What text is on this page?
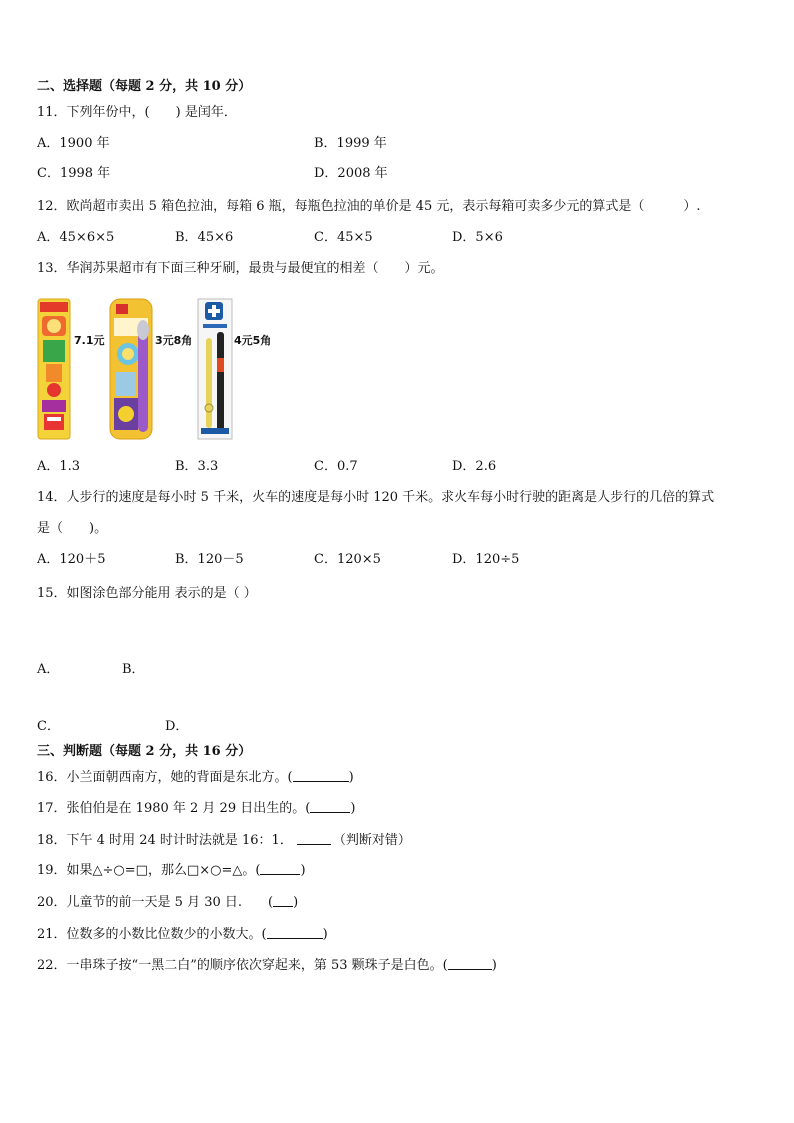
二、选择题（每题 2 分，共 10 分）
11．下列年份中，(　　) 是闰年．
A．1900 年	B．1999 年
C．1998 年	D．2008 年
12．欧尚超市卖出 5 箱色拉油，每箱 6 瓶，每瓶色拉油的单价是 45 元，表示每箱可卖多少元的算式是（　　　）.
A．45×6×5	B．45×6	C．45×5	D．5×6
13．华润苏果超市有下面三种牙刷，最贵与最便宜的相差（　　）元。
7.1元	3元8角	4元5角
A．1.3	B．3.3	C．0.7	D．2.6
14．人步行的速度是每小时 5 千米，火车的速度是每小时 120 千米。求火车每小时行驶的距离是人步行的几倍的算式
是（　　)。
A．120＋5	B．120－5	C．120×5	D．120÷5
15．如图涂色部分能用 表示的是（ ）
A．	B．
C．	D．
三、判断题（每题 2 分，共 16 分）
16．小兰面朝西南方，她的背面是东北方。(	)
17．张伯伯是在 1980 年 2 月 29 日出生的。(	)
18．下午 4 时用 24 时计时法就是 16：1．	（判断对错）
19．如果△÷○=□，那么□×○=△。(	)
20．儿童节的前一天是 5 月 30 日.　　( )
21．位数多的小数比位数少的小数大。(	)
22．一串珠子按“一黑二白”的顺序依次穿起来，第 53 颗珠子是白色。(	)
